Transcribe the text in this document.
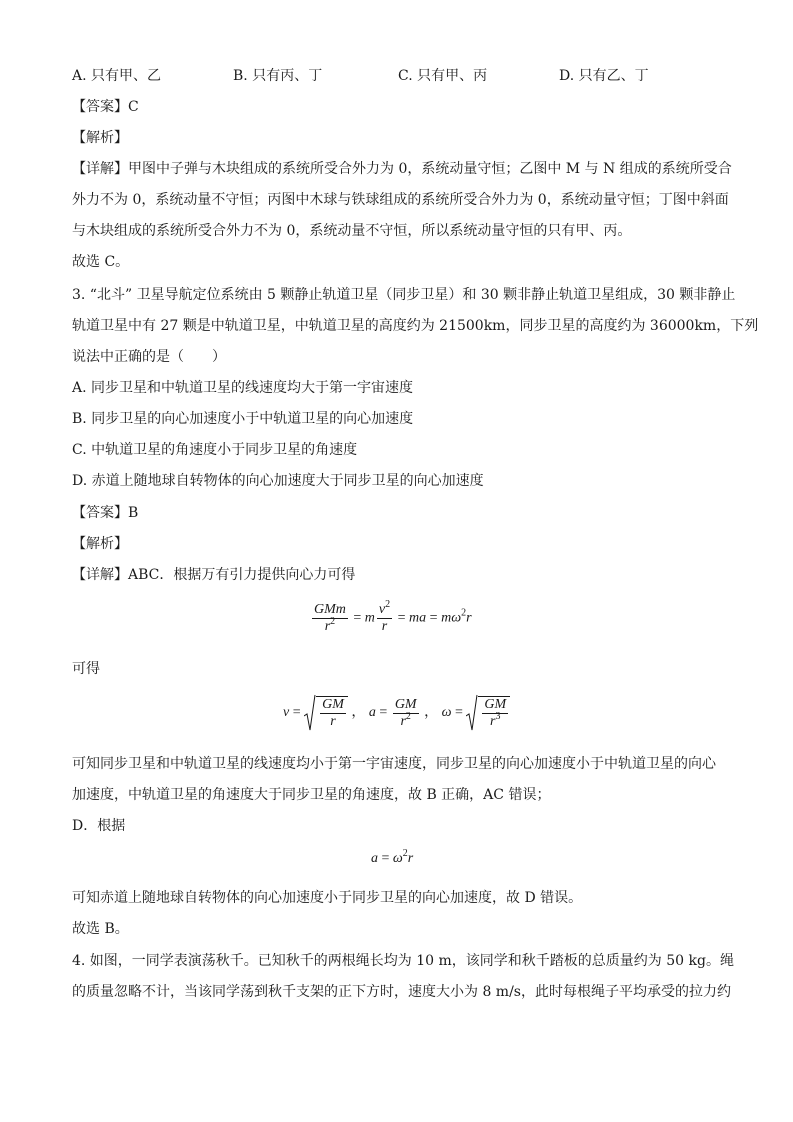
A. 只有甲、乙	B. 只有丙、丁	C. 只有甲、丙	D. 只有乙、丁
【答案】C
【解析】
【详解】甲图中子弹与木块组成的系统所受合外力为 0，系统动量守恒；乙图中 M 与 N 组成的系统所受合
外力不为 0，系统动量不守恒；丙图中木球与铁球组成的系统所受合外力为 0，系统动量守恒；丁图中斜面
与木块组成的系统所受合外力不为 0，系统动量不守恒，所以系统动量守恒的只有甲、丙。
故选 C。
3. “北斗” 卫星导航定位系统由 5 颗静止轨道卫星（同步卫星）和 30 颗非静止轨道卫星组成，30 颗非静止
轨道卫星中有 27 颗是中轨道卫星，中轨道卫星的高度约为 21500km，同步卫星的高度约为 36000km，下列
说法中正确的是（　　）
A. 同步卫星和中轨道卫星的线速度均大于第一宇宙速度
B. 同步卫星的向心加速度小于中轨道卫星的向心加速度
C. 中轨道卫星的角速度小于同步卫星的角速度
D. 赤道上随地球自转物体的向心加速度大于同步卫星的向心加速度
【答案】B
【解析】
【详解】ABC．根据万有引力提供向心力可得
$\frac{\text{GMm}}{r^2} = m \frac{v^2}{r}$ = ma = $m\omega^2r$
可得
$v = \frac{GM}{r}$ ， $a = \frac{GM}{r^2}$ ， $\omega = \frac{GM}{r^3}$
可知同步卫星和中轨道卫星的线速度均小于第一宇宙速度，同步卫星的向心加速度小于中轨道卫星的向心
加速度，中轨道卫星的角速度大于同步卫星的角速度，故 B 正确，AC 错误；
D．根据
$a = \omega^2r$
可知赤道上随地球自转物体的向心加速度小于同步卫星的向心加速度，故 D 错误。
故选 B。
4. 如图，一同学表演荡秋千。已知秋千的两根绳长均为 10 m，该同学和秋千踏板的总质量约为 50 kg。绳
的质量忽略不计，当该同学荡到秋千支架的正下方时，速度大小为 8 m/s，此时每根绳子平均承受的拉力约
